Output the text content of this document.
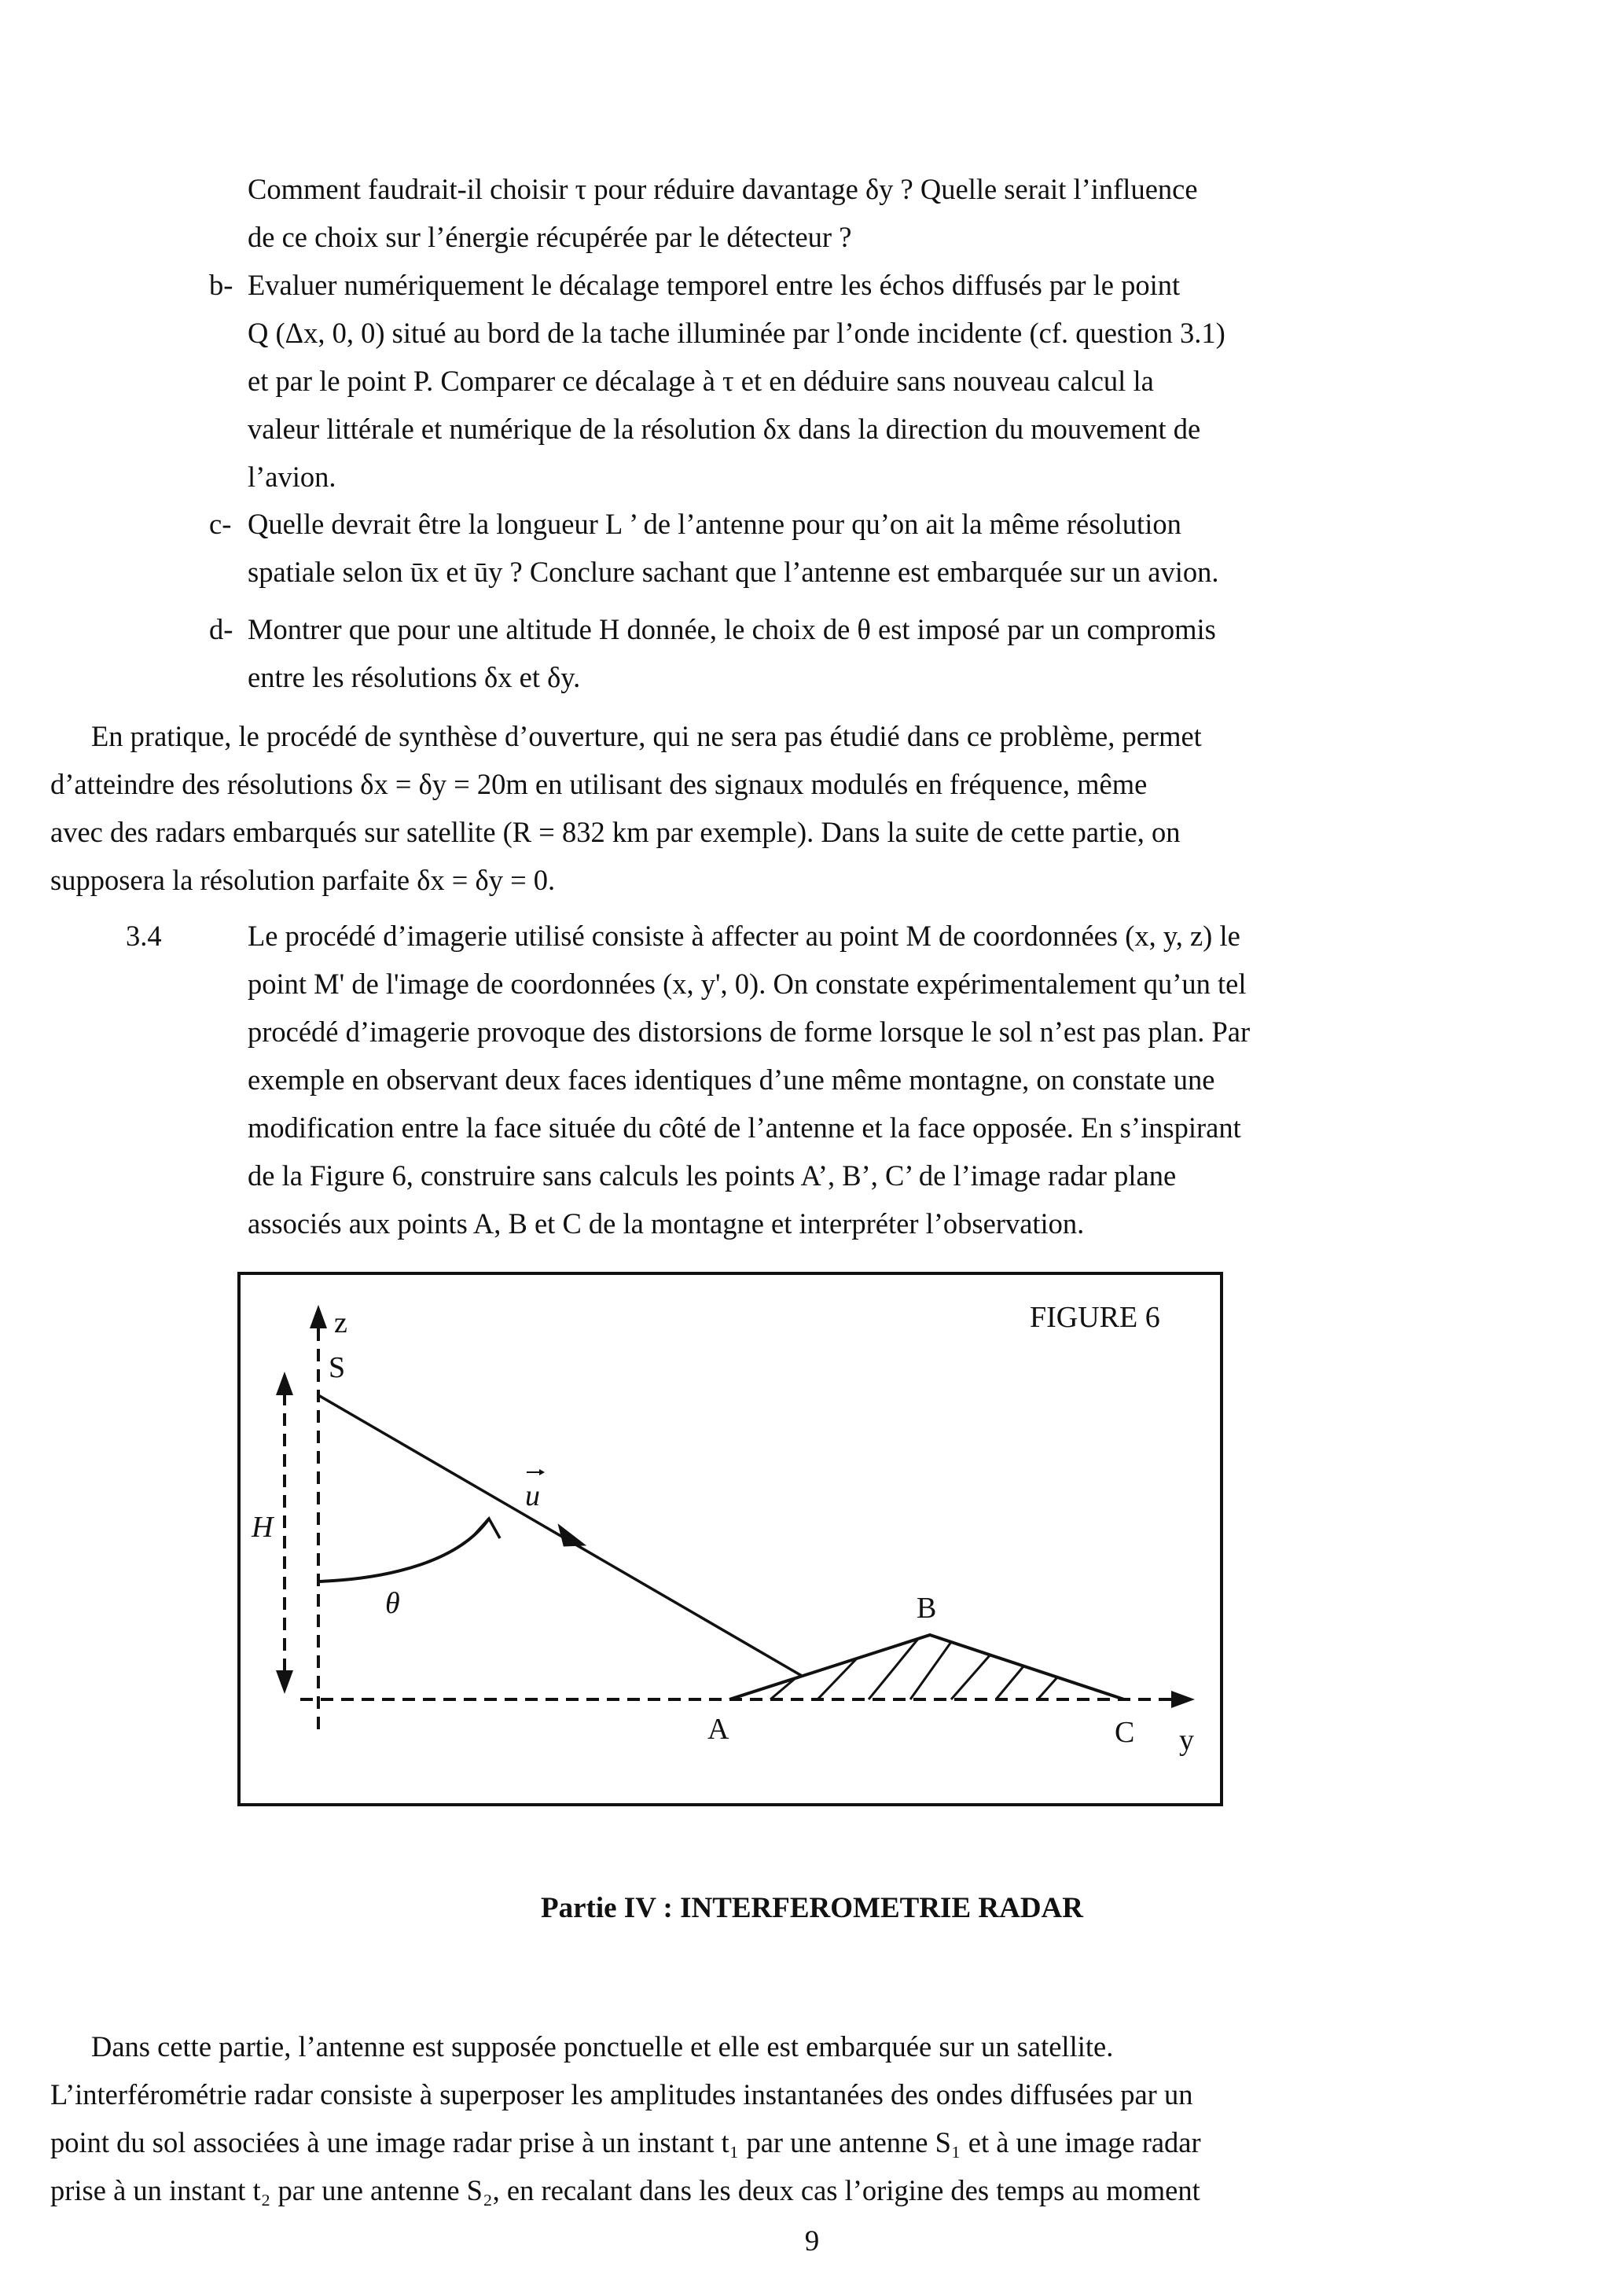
Comment faudrait-il choisir τ pour réduire davantage δy ? Quelle serait l’influence
de ce choix sur l’énergie récupérée par le détecteur ?
b- Evaluer numériquement le décalage temporel entre les échos diffusés par le point
Q (Δx, 0, 0) situé au bord de la tache illuminée par l’onde incidente (cf. question 3.1)
et par le point P. Comparer ce décalage à τ et en déduire sans nouveau calcul la
valeur littérale et numérique de la résolution δx dans la direction du mouvement de
l’avion.
c- Quelle devrait être la longueur L ’ de l’antenne pour qu’on ait la même résolution
spatiale selon ūx et ūy ? Conclure sachant que l’antenne est embarquée sur un avion.
d- Montrer que pour une altitude H donnée, le choix de θ est imposé par un compromis
entre les résolutions δx et δy.
En pratique, le procédé de synthèse d’ouverture, qui ne sera pas étudié dans ce problème, permet
d’atteindre des résolutions δx = δy = 20m en utilisant des signaux modulés en fréquence, même
avec des radars embarqués sur satellite (R = 832 km par exemple). Dans la suite de cette partie, on
supposera la résolution parfaite δx = δy = 0.
3.4	Le procédé d’imagerie utilisé consiste à affecter au point M de coordonnées (x, y, z) le
point M' de l'image de coordonnées (x, y', 0). On constate expérimentalement qu’un tel
procédé d’imagerie provoque des distorsions de forme lorsque le sol n’est pas plan. Par
exemple en observant deux faces identiques d’une même montagne, on constate une
modification entre la face située du côté de l’antenne et la face opposée. En s’inspirant
de la Figure 6, construire sans calculs les points A’, B’, C’ de l’image radar plane
associés aux points A, B et C de la montagne et interpréter l’observation.
z
H
S
u
θ
y
A
B
C
FIGURE 6
Partie IV : INTERFEROMETRIE RADAR
Dans cette partie, l’antenne est supposée ponctuelle et elle est embarquée sur un satellite.
L’interférométrie radar consiste à superposer les amplitudes instantanées des ondes diffusées par un
point du sol associées à une image radar prise à un instant t₁ par une antenne S₁ et à une image radar
prise à un instant t₂ par une antenne S₂, en recalant dans les deux cas l’origine des temps au moment
9
